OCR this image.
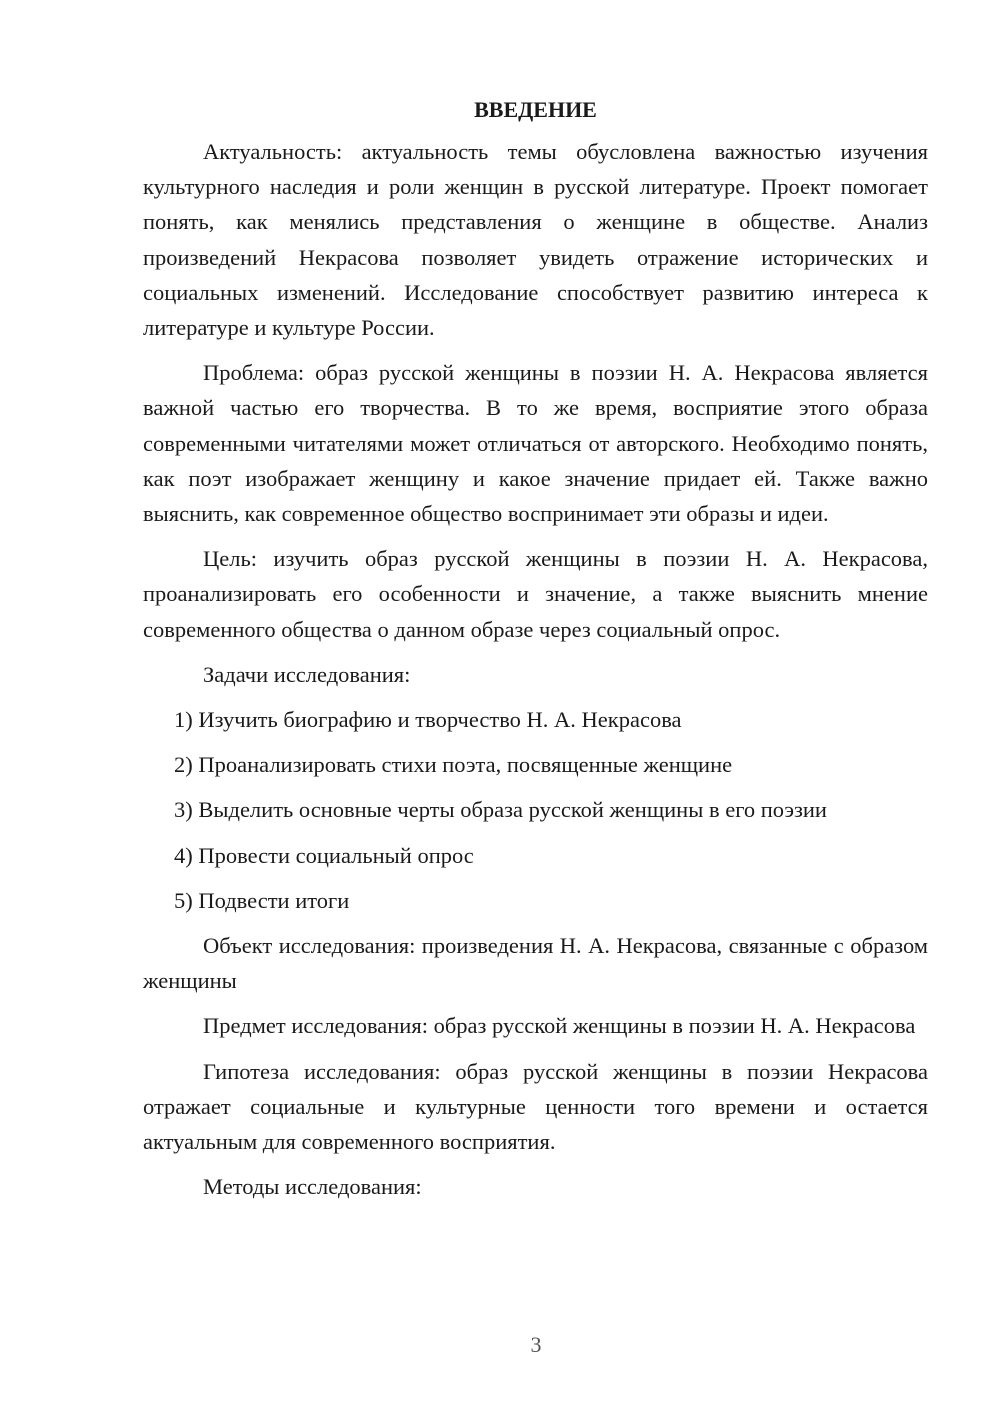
ВВЕДЕНИЕ

Актуальность: актуальность темы обусловлена важностью изучения культурного наследия и роли женщин в русской литературе. Проект помогает понять, как менялись представления о женщине в обществе. Анализ произведений Некрасова позволяет увидеть отражение исторических и социальных изменений. Исследование способствует развитию интереса к литературе и культуре России.

Проблема: образ русской женщины в поэзии Н. А. Некрасова является важной частью его творчества. В то же время, восприятие этого образа современными читателями может отличаться от авторского. Необходимо понять, как поэт изображает женщину и какое значение придает ей. Также важно выяснить, как современное общество воспринимает эти образы и идеи.

Цель: изучить образ русской женщины в поэзии Н. А. Некрасова, проанализировать его особенности и значение, а также выяснить мнение современного общества о данном образе через социальный опрос.

Задачи исследования:

1) Изучить биографию и творчество Н. А. Некрасова

2) Проанализировать стихи поэта, посвященные женщине

3) Выделить основные черты образа русской женщины в его поэзии

4) Провести социальный опрос

5) Подвести итоги

Объект исследования: произведения Н. А. Некрасова, связанные с образом женщины

Предмет исследования: образ русской женщины в поэзии Н. А. Некрасова

Гипотеза исследования: образ русской женщины в поэзии Некрасова отражает социальные и культурные ценности того времени и остается актуальным для современного восприятия.

Методы исследования:

3
